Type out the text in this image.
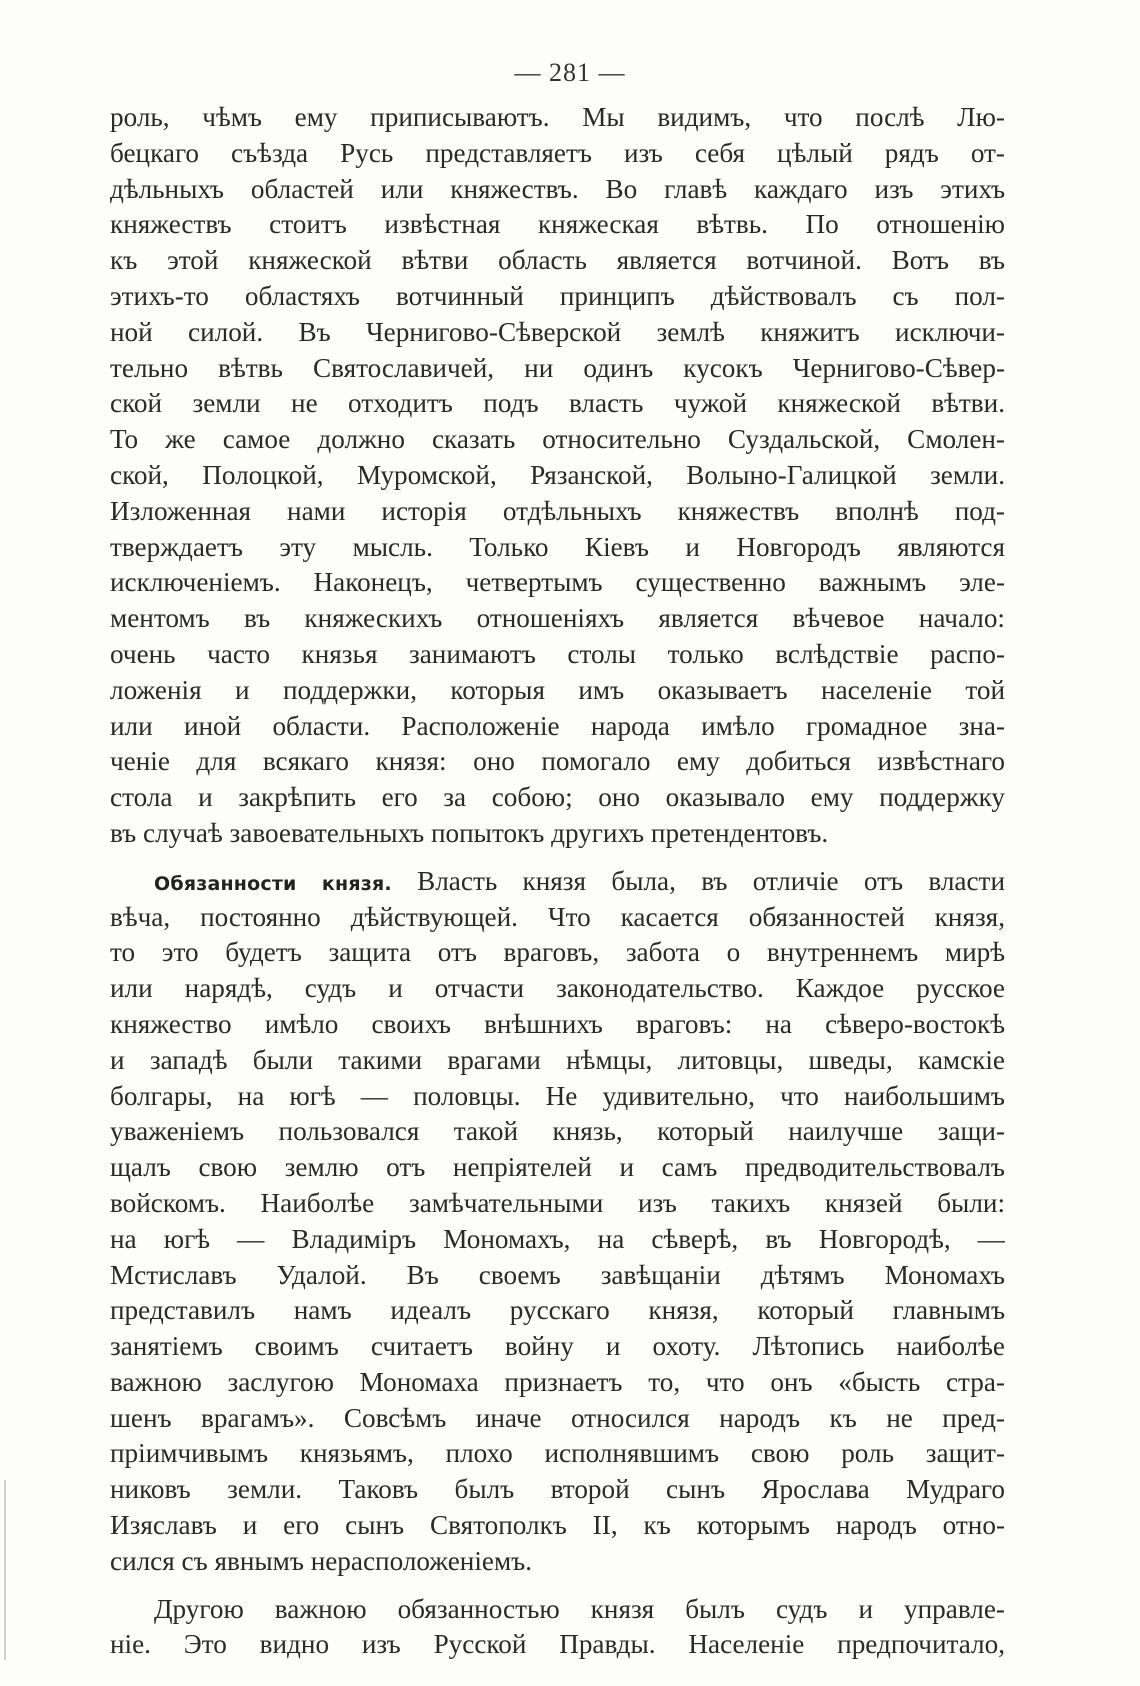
— 281 —
роль, чѣмъ ему приписываютъ. Мы видимъ, что послѣ Лю-
бецкаго съѣзда Русь представляетъ изъ себя цѣлый рядъ от-
дѣльныхъ областей или княжествъ. Во главѣ каждаго изъ этихъ
княжествъ стоитъ извѣстная княжеская вѣтвь. По отношенію
къ этой княжеской вѣтви область является вотчиной. Вотъ въ
этихъ-то областяхъ вотчинный принципъ дѣйствовалъ съ пол-
ной силой. Въ Черниговo-Сѣверской землѣ княжитъ исключи-
тельно вѣтвь Святославичей, ни одинъ кусокъ Черниговo-Сѣвер-
ской земли не отходитъ подъ власть чужой княжеской вѣтви.
То же самое должно сказать относительно Суздальской, Смолен-
ской, Полоцкой, Муромской, Рязанской, Волыно-Галицкой земли.
Изложенная нами исторія отдѣльныхъ княжествъ вполнѣ под-
тверждаетъ эту мысль. Только Кіевъ и Новгородъ являются
исключеніемъ. Наконецъ, четвертымъ существенно важнымъ эле-
ментомъ въ княжескихъ отношеніяхъ является вѣчевое начало:
очень часто князья занимаютъ столы только вслѣдствіе распо-
ложенія и поддержки, которыя имъ оказываетъ населеніе той
или иной области. Расположеніе народа имѣло громадное зна-
ченіе для всякаго князя: оно помогало ему добиться извѣстнаго
стола и закрѣпить его за собою; оно оказывало ему поддержку
въ случаѣ завоевательныхъ попытокъ другихъ претендентовъ.
Обязанности князя. Власть князя была, въ отличіе отъ власти
вѣча, постоянно дѣйствующей. Что касается обязанностей князя,
то это будетъ защита отъ враговъ, забота о внутреннемъ мирѣ
или нарядѣ, судъ и отчасти законодательство. Каждое русское
княжество имѣло своихъ внѣшнихъ враговъ: на сѣверо-востокѣ
и западѣ были такими врагами нѣмцы, литовцы, шведы, камскіе
болгары, на югѣ — половцы. Не удивительно, что наибольшимъ
уваженіемъ пользовался такой князь, который наилучше защи-
щалъ свою землю отъ непріятелей и самъ предводительствовалъ
войскомъ. Наиболѣе замѣчательными изъ такихъ князей были:
на югѣ — Владиміръ Мономахъ, на сѣверѣ, въ Новгородѣ, —
Мстиславъ Удалой. Въ своемъ завѣщаніи дѣтямъ Мономахъ
представилъ намъ идеалъ русскаго князя, который главнымъ
занятіемъ своимъ считаетъ войну и охоту. Лѣтопись наиболѣе
важною заслугою Мономаха признаетъ то, что онъ «бысть стра-
шенъ врагамъ». Совсѣмъ иначе относился народъ къ не пред-
пріимчивымъ князьямъ, плохо исполнявшимъ свою роль защит-
никовъ земли. Таковъ былъ второй сынъ Ярослава Мудраго
Изяславъ и его сынъ Святополкъ II, къ которымъ народъ отно-
сился съ явнымъ нерасположеніемъ.
Другою важною обязанностью князя былъ судъ и управле-
ніе. Это видно изъ Русской Правды. Населеніе предпочитало,
